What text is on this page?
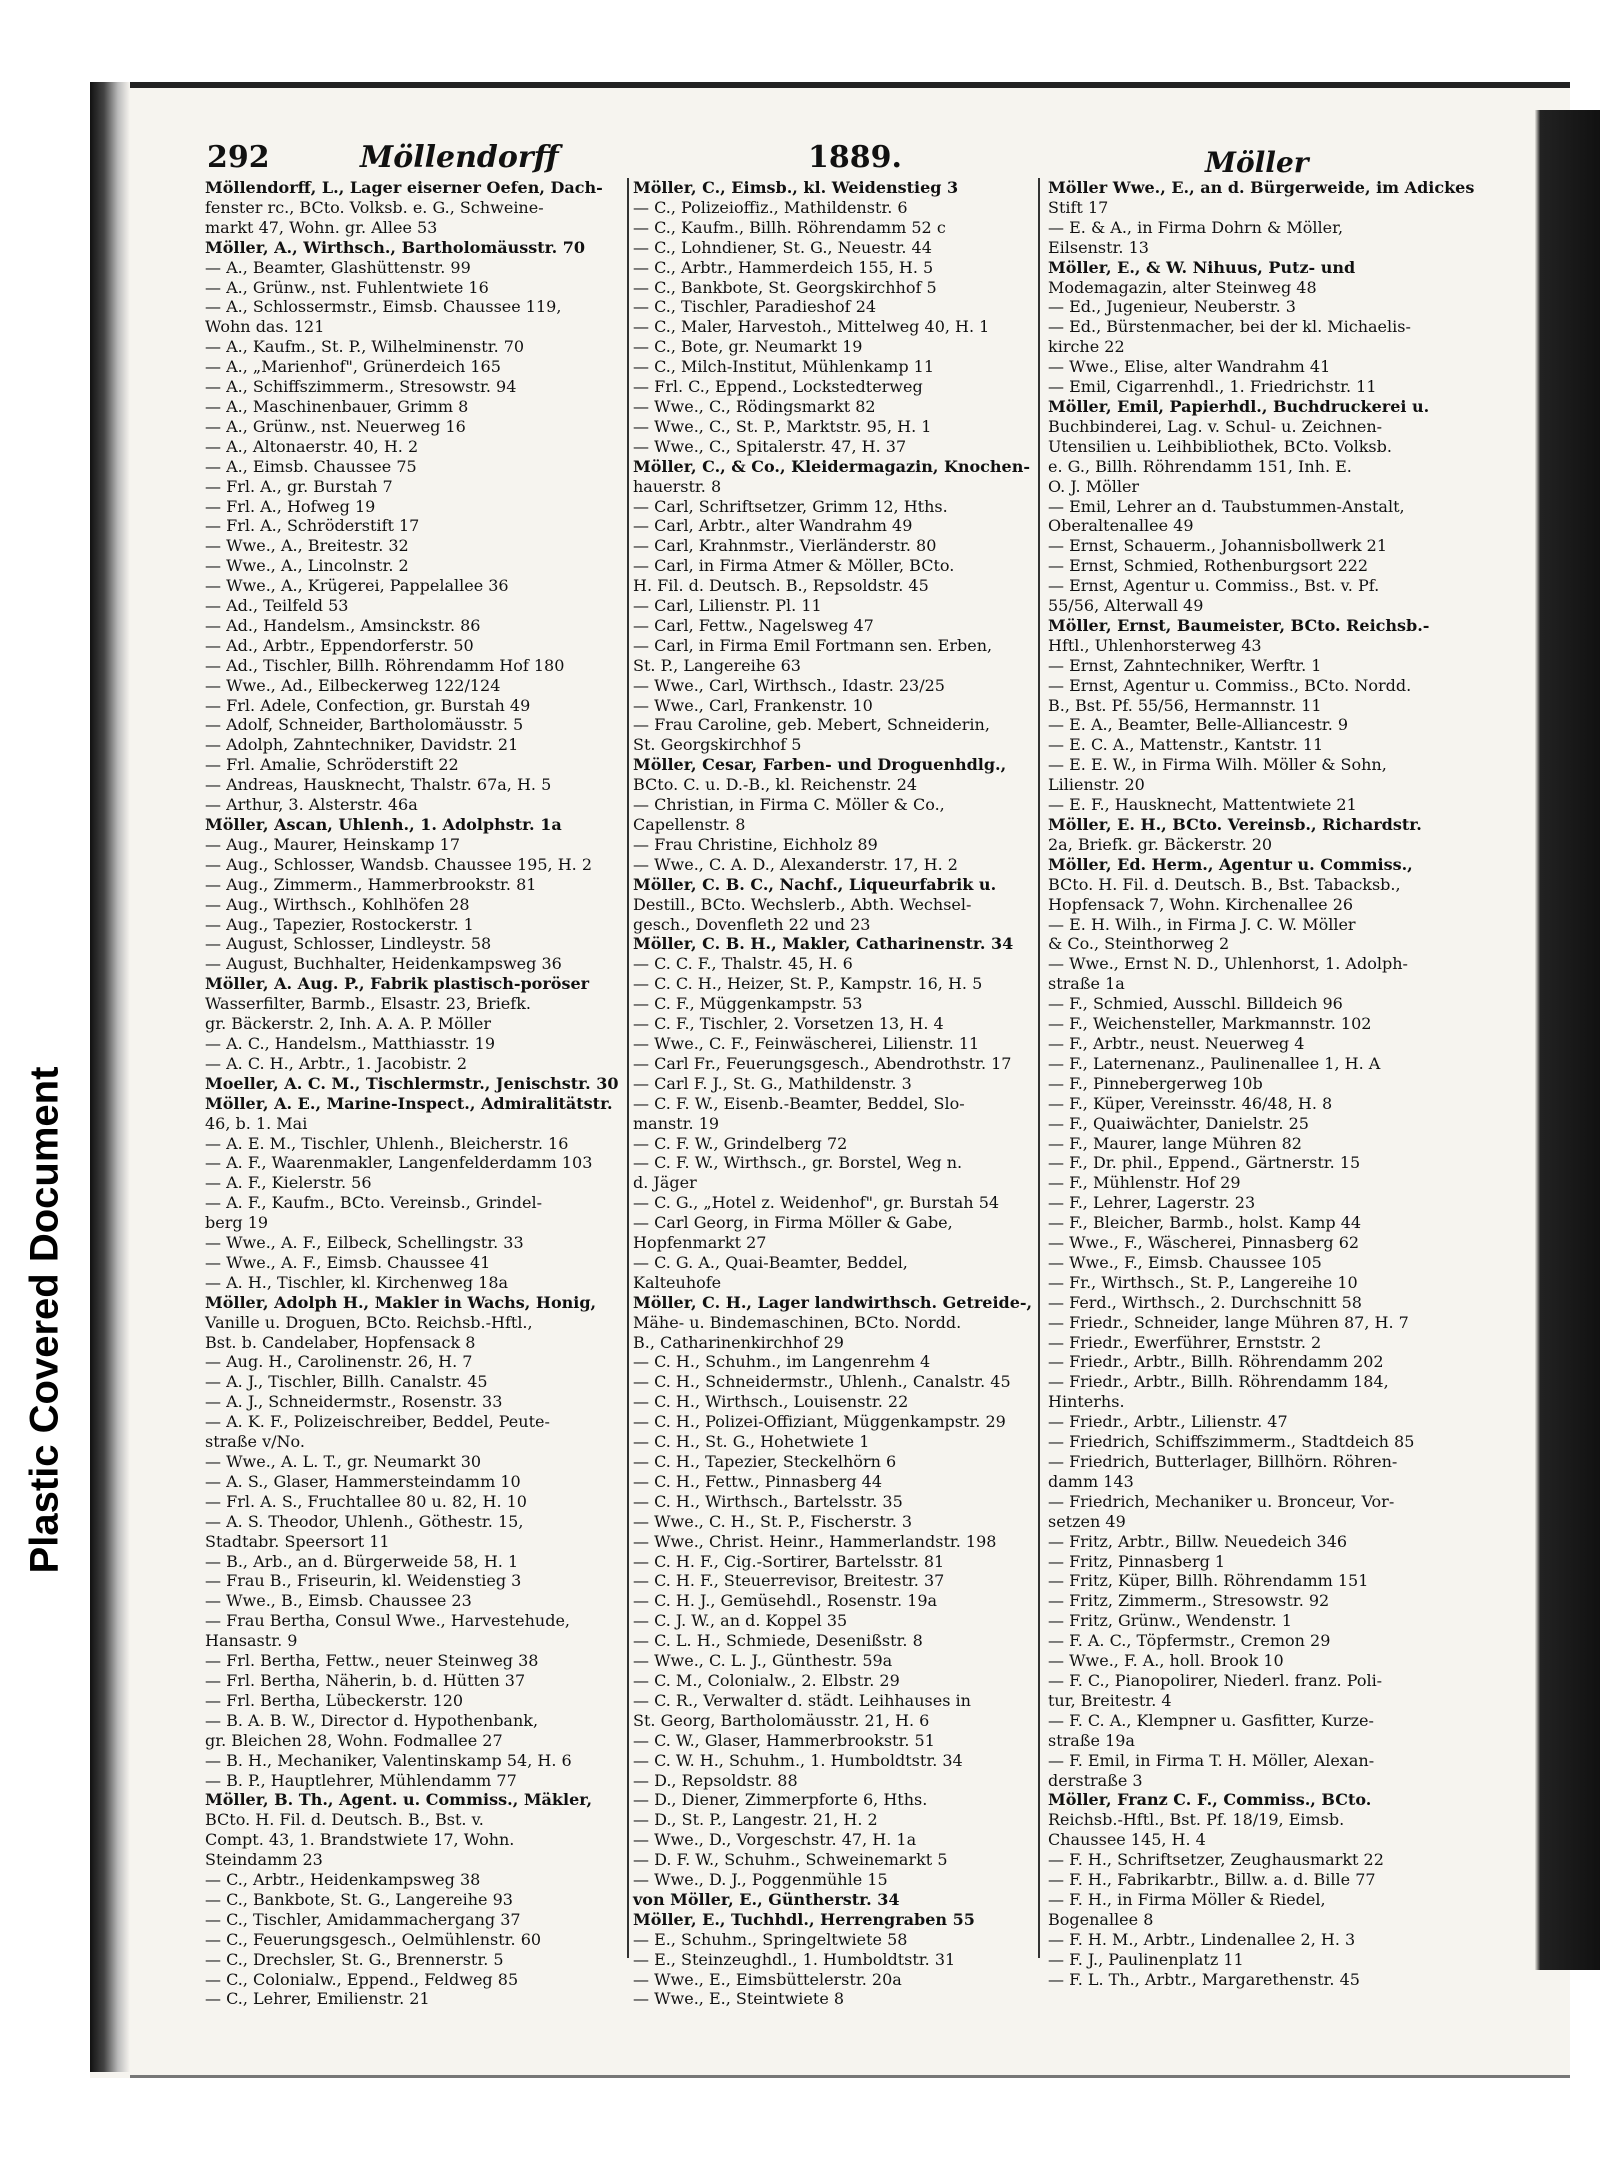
Plastic Covered Document
292	Möllendorff	1889.	Möller
Möllendorff, L., Lager eiserner Oefen, Dach-
fenster rc., BCto. Volksb. e. G., Schweine-
markt 47, Wohn. gr. Allee 53
Möller, A., Wirthsch., Bartholomäusstr. 70
— A., Beamter, Glashüttenstr. 99
— A., Grünw., nst. Fuhlentwiete 16
— A., Schlossermstr., Eimsb. Chaussee 119,
Wohn das. 121
— A., Kaufm., St. P., Wilhelminenstr. 70
— A., „Marienhof", Grünerdeich 165
— A., Schiffszimmerm., Stresowstr. 94
— A., Maschinenbauer, Grimm 8
— A., Grünw., nst. Neuerweg 16
— A., Altonaerstr. 40, H. 2
— A., Eimsb. Chaussee 75
— Frl. A., gr. Burstah 7
— Frl. A., Hofweg 19
— Frl. A., Schröderstift 17
— Wwe., A., Breitestr. 32
— Wwe., A., Lincolnstr. 2
— Wwe., A., Krügerei, Pappelallee 36
— Ad., Teilfeld 53
— Ad., Handelsm., Amsinckstr. 86
— Ad., Arbtr., Eppendorferstr. 50
— Ad., Tischler, Billh. Röhrendamm Hof 180
— Wwe., Ad., Eilbeckerweg 122/124
— Frl. Adele, Confection, gr. Burstah 49
— Adolf, Schneider, Bartholomäusstr. 5
— Adolph, Zahntechniker, Davidstr. 21
— Frl. Amalie, Schröderstift 22
— Andreas, Hausknecht, Thalstr. 67a, H. 5
— Arthur, 3. Alsterstr. 46a
Möller, Ascan, Uhlenh., 1. Adolphstr. 1a
— Aug., Maurer, Heinskamp 17
— Aug., Schlosser, Wandsb. Chaussee 195, H. 2
— Aug., Zimmerm., Hammerbrookstr. 81
— Aug., Wirthsch., Kohlhöfen 28
— Aug., Tapezier, Rostockerstr. 1
— August, Schlosser, Lindleystr. 58
— August, Buchhalter, Heidenkampsweg 36
Möller, A. Aug. P., Fabrik plastisch-poröser
Wasserfilter, Barmb., Elsastr. 23, Briefk.
gr. Bäckerstr. 2, Inh. A. A. P. Möller
— A. C., Handelsm., Matthiasstr. 19
— A. C. H., Arbtr., 1. Jacobistr. 2
Moeller, A. C. M., Tischlermstr., Jenischstr. 30
Möller, A. E., Marine-Inspect., Admiralitätstr.
46, b. 1. Mai
— A. E. M., Tischler, Uhlenh., Bleicherstr. 16
— A. F., Waarenmakler, Langenfelderdamm 103
— A. F., Kielerstr. 56
— A. F., Kaufm., BCto. Vereinsb., Grindel-
berg 19
— Wwe., A. F., Eilbeck, Schellingstr. 33
— Wwe., A. F., Eimsb. Chaussee 41
— A. H., Tischler, kl. Kirchenweg 18a
Möller, Adolph H., Makler in Wachs, Honig,
Vanille u. Droguen, BCto. Reichsb.-Hftl.,
Bst. b. Candelaber, Hopfensack 8
— Aug. H., Carolinenstr. 26, H. 7
— A. J., Tischler, Billh. Canalstr. 45
— A. J., Schneidermstr., Rosenstr. 33
— A. K. F., Polizeischreiber, Beddel, Peute-
straße v/No.
— Wwe., A. L. T., gr. Neumarkt 30
— A. S., Glaser, Hammersteindamm 10
— Frl. A. S., Fruchtallee 80 u. 82, H. 10
— A. S. Theodor, Uhlenh., Göthestr. 15,
Stadtabr. Speersort 11
— B., Arb., an d. Bürgerweide 58, H. 1
— Frau B., Friseurin, kl. Weidenstieg 3
— Wwe., B., Eimsb. Chaussee 23
— Frau Bertha, Consul Wwe., Harvestehude,
Hansastr. 9
— Frl. Bertha, Fettw., neuer Steinweg 38
— Frl. Bertha, Näherin, b. d. Hütten 37
— Frl. Bertha, Lübeckerstr. 120
— B. A. B. W., Director d. Hypothenbank,
gr. Bleichen 28, Wohn. Fodmallee 27
— B. H., Mechaniker, Valentinskamp 54, H. 6
— B. P., Hauptlehrer, Mühlendamm 77
Möller, B. Th., Agent. u. Commiss., Mäkler,
BCto. H. Fil. d. Deutsch. B., Bst. v.
Compt. 43, 1. Brandstwiete 17, Wohn.
Steindamm 23
— C., Arbtr., Heidenkampsweg 38
— C., Bankbote, St. G., Langereihe 93
— C., Tischler, Amidammachergang 37
— C., Feuerungsgesch., Oelmühlenstr. 60
— C., Drechsler, St. G., Brennerstr. 5
— C., Colonialw., Eppend., Feldweg 85
— C., Lehrer, Emilienstr. 21
Möller, C., Eimsb., kl. Weidenstieg 3
— C., Polizeioffiz., Mathildenstr. 6
— C., Kaufm., Billh. Röhrendamm 52 c
— C., Lohndiener, St. G., Neuestr. 44
— C., Arbtr., Hammerdeich 155, H. 5
— C., Bankbote, St. Georgskirchhof 5
— C., Tischler, Paradieshof 24
— C., Maler, Harvestoh., Mittelweg 40, H. 1
— C., Bote, gr. Neumarkt 19
— C., Milch-Institut, Mühlenkamp 11
— Frl. C., Eppend., Lockstedterweg
— Wwe., C., Rödingsmarkt 82
— Wwe., C., St. P., Marktstr. 95, H. 1
— Wwe., C., Spitalerstr. 47, H. 37
Möller, C., & Co., Kleidermagazin, Knochen-
hauerstr. 8
— Carl, Schriftsetzer, Grimm 12, Hths.
— Carl, Arbtr., alter Wandrahm 49
— Carl, Krahnmstr., Vierländerstr. 80
— Carl, in Firma Atmer & Möller, BCto.
H. Fil. d. Deutsch. B., Repsoldstr. 45
— Carl, Lilienstr. Pl. 11
— Carl, Fettw., Nagelsweg 47
— Carl, in Firma Emil Fortmann sen. Erben,
St. P., Langereihe 63
— Wwe., Carl, Wirthsch., Idastr. 23/25
— Wwe., Carl, Frankenstr. 10
— Frau Caroline, geb. Mebert, Schneiderin,
St. Georgskirchhof 5
Möller, Cesar, Farben- und Droguenhdlg.,
BCto. C. u. D.-B., kl. Reichenstr. 24
— Christian, in Firma C. Möller & Co.,
Capellenstr. 8
— Frau Christine, Eichholz 89
— Wwe., C. A. D., Alexanderstr. 17, H. 2
Möller, C. B. C., Nachf., Liqueurfabrik u.
Destill., BCto. Wechslerb., Abth. Wechsel-
gesch., Dovenfleth 22 und 23
Möller, C. B. H., Makler, Catharinenstr. 34
— C. C. F., Thalstr. 45, H. 6
— C. C. H., Heizer, St. P., Kampstr. 16, H. 5
— C. F., Müggenkampstr. 53
— C. F., Tischler, 2. Vorsetzen 13, H. 4
— Wwe., C. F., Feinwäscherei, Lilienstr. 11
— Carl Fr., Feuerungsgesch., Abendrothstr. 17
— Carl F. J., St. G., Mathildenstr. 3
— C. F. W., Eisenb.-Beamter, Beddel, Slo-
manstr. 19
— C. F. W., Grindelberg 72
— C. F. W., Wirthsch., gr. Borstel, Weg n.
d. Jäger
— C. G., „Hotel z. Weidenhof", gr. Burstah 54
— Carl Georg, in Firma Möller & Gabe,
Hopfenmarkt 27
— C. G. A., Quai-Beamter, Beddel,
Kalteuhofe
Möller, C. H., Lager landwirthsch. Getreide-,
Mähe- u. Bindemaschinen, BCto. Nordd.
B., Catharinenkirchhof 29
— C. H., Schuhm., im Langenrehm 4
— C. H., Schneidermstr., Uhlenh., Canalstr. 45
— C. H., Wirthsch., Louisenstr. 22
— C. H., Polizei-Offiziant, Müggenkampstr. 29
— C. H., St. G., Hohetwiete 1
— C. H., Tapezier, Steckelhörn 6
— C. H., Fettw., Pinnasberg 44
— C. H., Wirthsch., Bartelsstr. 35
— Wwe., C. H., St. P., Fischerstr. 3
— Wwe., Christ. Heinr., Hammerlandstr. 198
— C. H. F., Cig.-Sortirer, Bartelsstr. 81
— C. H. F., Steuerrevisor, Breitestr. 37
— C. H. J., Gemüsehdl., Rosenstr. 19a
— C. J. W., an d. Koppel 35
— C. L. H., Schmiede, Desenißstr. 8
— Wwe., C. L. J., Günthestr. 59a
— C. M., Colonialw., 2. Elbstr. 29
— C. R., Verwalter d. städt. Leihhauses in
St. Georg, Bartholomäusstr. 21, H. 6
— C. W., Glaser, Hammerbrookstr. 51
— C. W. H., Schuhm., 1. Humboldtstr. 34
— D., Repsoldstr. 88
— D., Diener, Zimmerpforte 6, Hths.
— D., St. P., Langestr. 21, H. 2
— Wwe., D., Vorgeschstr. 47, H. 1a
— D. F. W., Schuhm., Schweinemarkt 5
— Wwe., D. J., Poggenmühle 15
von Möller, E., Güntherstr. 34
Möller, E., Tuchhdl., Herrengraben 55
— E., Schuhm., Springeltwiete 58
— E., Steinzeughdl., 1. Humboldtstr. 31
— Wwe., E., Eimsbüttelerstr. 20a
— Wwe., E., Steintwiete 8
Möller Wwe., E., an d. Bürgerweide, im Adickes
Stift 17
— E. & A., in Firma Dohrn & Möller,
Eilsenstr. 13
Möller, E., & W. Nihuus, Putz- und
Modemagazin, alter Steinweg 48
— Ed., Jugenieur, Neuberstr. 3
— Ed., Bürstenmacher, bei der kl. Michaelis-
kirche 22
— Wwe., Elise, alter Wandrahm 41
— Emil, Cigarrenhdl., 1. Friedrichstr. 11
Möller, Emil, Papierhdl., Buchdruckerei u.
Buchbinderei, Lag. v. Schul- u. Zeichnen-
Utensilien u. Leihbibliothek, BCto. Volksb.
e. G., Billh. Röhrendamm 151, Inh. E.
O. J. Möller
— Emil, Lehrer an d. Taubstummen-Anstalt,
Oberaltenallee 49
— Ernst, Schauerm., Johannisbollwerk 21
— Ernst, Schmied, Rothenburgsort 222
— Ernst, Agentur u. Commiss., Bst. v. Pf.
55/56, Alterwall 49
Möller, Ernst, Baumeister, BCto. Reichsb.-
Hftl., Uhlenhorsterweg 43
— Ernst, Zahntechniker, Werftr. 1
— Ernst, Agentur u. Commiss., BCto. Nordd.
B., Bst. Pf. 55/56, Hermannstr. 11
— E. A., Beamter, Belle-Alliancestr. 9
— E. C. A., Mattenstr., Kantstr. 11
— E. E. W., in Firma Wilh. Möller & Sohn,
Lilienstr. 20
— E. F., Hausknecht, Mattentwiete 21
Möller, E. H., BCto. Vereinsb., Richardstr.
2a, Briefk. gr. Bäckerstr. 20
Möller, Ed. Herm., Agentur u. Commiss.,
BCto. H. Fil. d. Deutsch. B., Bst. Tabacksb.,
Hopfensack 7, Wohn. Kirchenallee 26
— E. H. Wilh., in Firma J. C. W. Möller
& Co., Steinthorweg 2
— Wwe., Ernst N. D., Uhlenhorst, 1. Adolph-
straße 1a
— F., Schmied, Ausschl. Billdeich 96
— F., Weichensteller, Markmannstr. 102
— F., Arbtr., neust. Neuerweg 4
— F., Laternenanz., Paulinenallee 1, H. A
— F., Pinnebergerweg 10b
— F., Küper, Vereinsstr. 46/48, H. 8
— F., Quaiwächter, Danielstr. 25
— F., Maurer, lange Mühren 82
— F., Dr. phil., Eppend., Gärtnerstr. 15
— F., Mühlenstr. Hof 29
— F., Lehrer, Lagerstr. 23
— F., Bleicher, Barmb., holst. Kamp 44
— Wwe., F., Wäscherei, Pinnasberg 62
— Wwe., F., Eimsb. Chaussee 105
— Fr., Wirthsch., St. P., Langereihe 10
— Ferd., Wirthsch., 2. Durchschnitt 58
— Friedr., Schneider, lange Mühren 87, H. 7
— Friedr., Ewerführer, Ernststr. 2
— Friedr., Arbtr., Billh. Röhrendamm 202
— Friedr., Arbtr., Billh. Röhrendamm 184,
Hinterhs.
— Friedr., Arbtr., Lilienstr. 47
— Friedrich, Schiffszimmerm., Stadtdeich 85
— Friedrich, Butterlager, Billhörn. Röhren-
damm 143
— Friedrich, Mechaniker u. Bronceur, Vor-
setzen 49
— Fritz, Arbtr., Billw. Neuedeich 346
— Fritz, Pinnasberg 1
— Fritz, Küper, Billh. Röhrendamm 151
— Fritz, Zimmerm., Stresowstr. 92
— Fritz, Grünw., Wendenstr. 1
— F. A. C., Töpfermstr., Cremon 29
— Wwe., F. A., holl. Brook 10
— F. C., Pianopolirer, Niederl. franz. Poli-
tur, Breitestr. 4
— F. C. A., Klempner u. Gasfitter, Kurze-
straße 19a
— F. Emil, in Firma T. H. Möller, Alexan-
derstraße 3
Möller, Franz C. F., Commiss., BCto.
Reichsb.-Hftl., Bst. Pf. 18/19, Eimsb.
Chaussee 145, H. 4
— F. H., Schriftsetzer, Zeughausmarkt 22
— F. H., Fabrikarbtr., Billw. a. d. Bille 77
— F. H., in Firma Möller & Riedel,
Bogenallee 8
— F. H. M., Arbtr., Lindenallee 2, H. 3
— F. J., Paulinenplatz 11
— F. L. Th., Arbtr., Margarethenstr. 45
